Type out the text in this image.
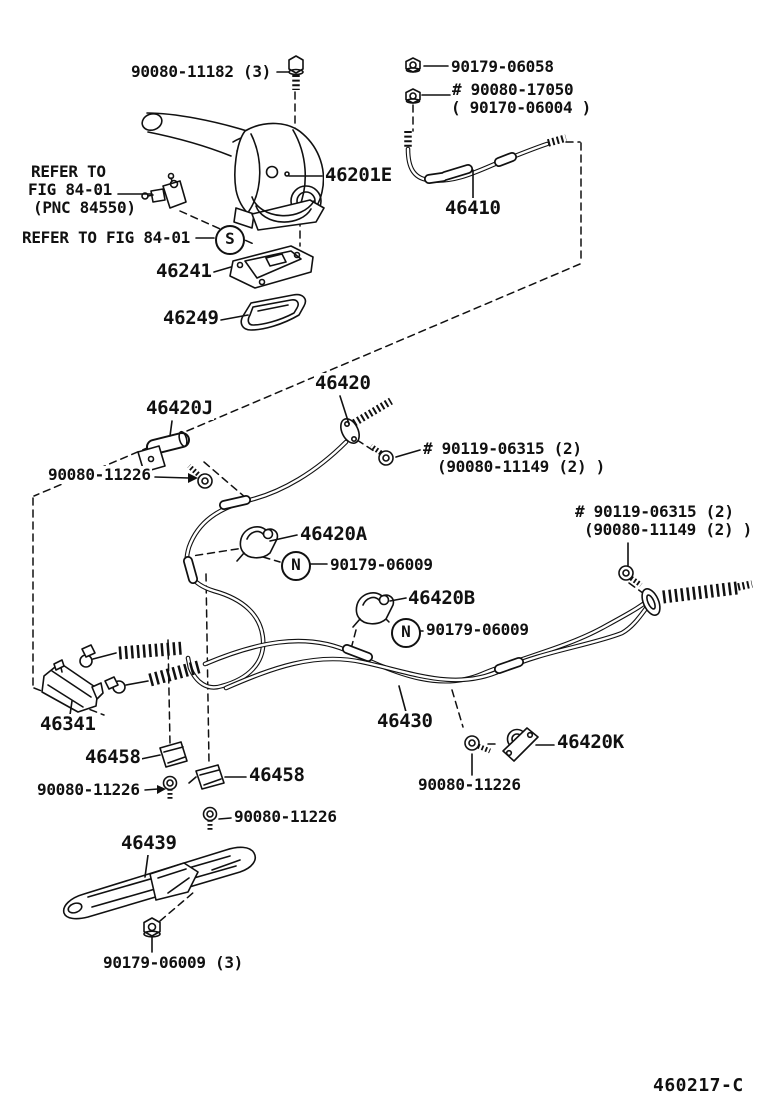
90080-11182 (3)	90179-06058
# 90080-17050
( 90170-06004 )
46410
REFER TO
FIG 84-01
(PNC 84550)
REFER TO FIG 84-01	S
46201E
46241
46249
46420
46420J
90080-11226
# 90119-06315 (2)
(90080-11149 (2) )
46420A
N	90179-06009
# 90119-06315 (2)
(90080-11149 (2) )
46420B
N 90179-06009
46341
46458
46458
90080-11226
90080-11226
46430
46420K
90080-11226
46439
90179-06009 (3)
460217-C
